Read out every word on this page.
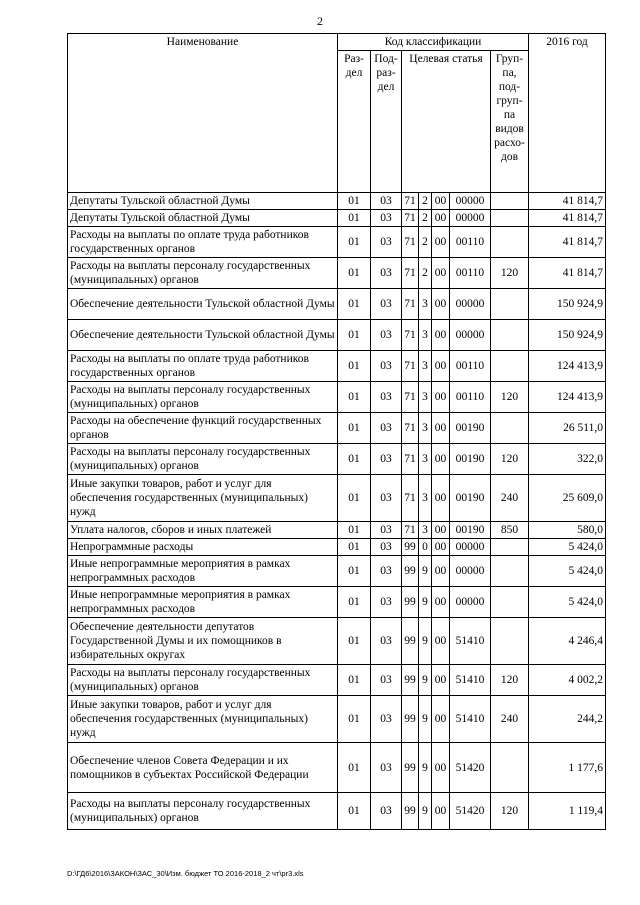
2
Наименование	Код классификации							2016 год
	Раз-дел	Под-раз-дел	Целевая статья				Груп-па, под-груп-па видов расхо-дов	
Депутаты Тульской областной Думы	01	03	71	2	00	00000		41 814,7
Депутаты Тульской областной Думы	01	03	71	2	00	00000		41 814,7
Расходы на выплаты по оплате труда работников государственных органов	01	03	71	2	00	00110		41 814,7
Расходы на выплаты персоналу государственных (муниципальных) органов	01	03	71	2	00	00110	120	41 814,7
Обеспечение деятельности Тульской областной Думы	01	03	71	3	00	00000		150 924,9
Обеспечение деятельности Тульской областной Думы	01	03	71	3	00	00000		150 924,9
Расходы на выплаты по оплате труда работников государственных органов	01	03	71	3	00	00110		124 413,9
Расходы на выплаты персоналу государственных (муниципальных) органов	01	03	71	3	00	00110	120	124 413,9
Расходы на обеспечение функций государственных органов	01	03	71	3	00	00190		26 511,0
Расходы на выплаты персоналу государственных (муниципальных) органов	01	03	71	3	00	00190	120	322,0
Иные закупки товаров, работ и услуг для обеспечения государственных (муниципальных) нужд	01	03	71	3	00	00190	240	25 609,0
Уплата налогов, сборов и иных платежей	01	03	71	3	00	00190	850	580,0
Непрограммные расходы	01	03	99	0	00	00000		5 424,0
Иные непрограммные мероприятия в рамках непрограммных расходов	01	03	99	9	00	00000		5 424,0
Иные непрограммные мероприятия в рамках непрограммных расходов	01	03	99	9	00	00000		5 424,0
Обеспечение деятельности депутатов Государственной Думы и их помощников в избирательных округах	01	03	99	9	00	51410		4 246,4
Расходы на выплаты персоналу государственных (муниципальных) органов	01	03	99	9	00	51410	120	4 002,2
Иные закупки товаров, работ и услуг для обеспечения государственных (муниципальных) нужд	01	03	99	9	00	51410	240	244,2
Обеспечение членов Совета Федерации и их помощников в субъектах Российской Федерации	01	03	99	9	00	51420		1 177,6
Расходы на выплаты персоналу государственных (муниципальных) органов	01	03	99	9	00	51420	120	1 119,4
D:\ГД6\2016\ЗАКОН\ЗАС_30\Изм. бюджет ТО 2016-2018_2 чт\pr3.xls
